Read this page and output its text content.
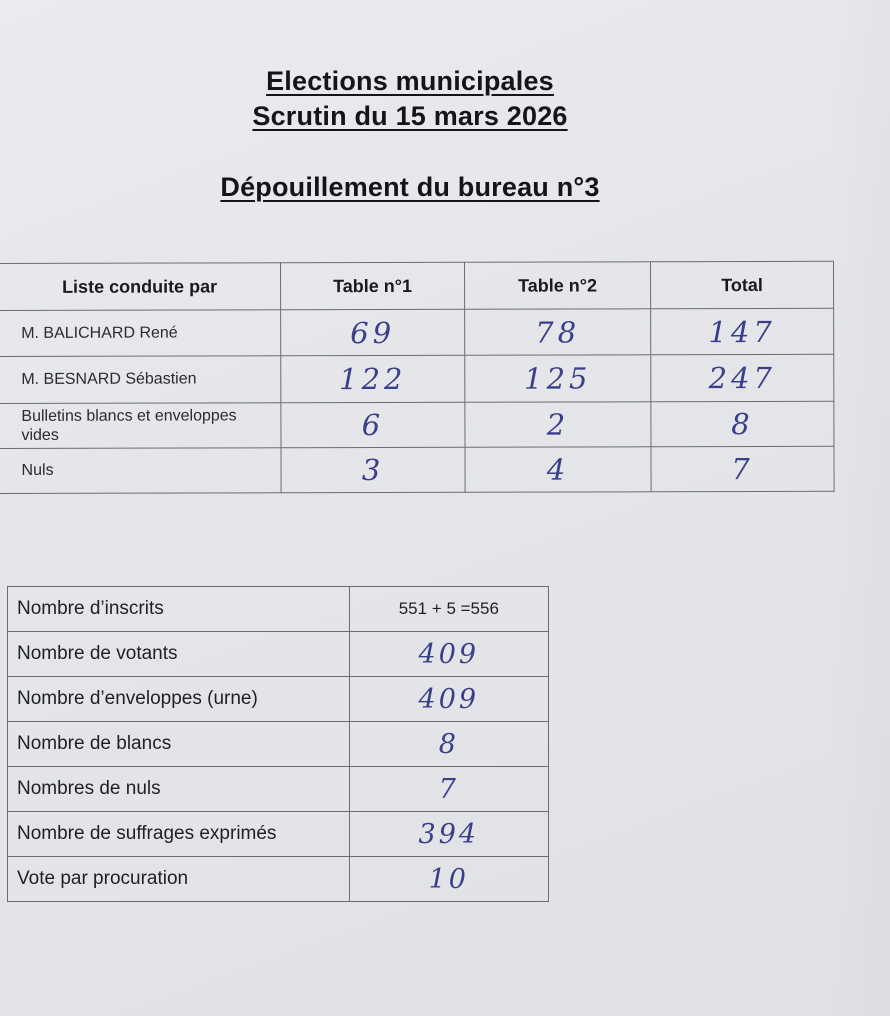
Elections municipales
Scrutin du 15 mars 2026
Dépouillement du bureau n°3
Liste conduite par	Table n°1	Table n°2	Total
M. BALICHARD René	69	78	147
M. BESNARD Sébastien	122	125	247
Bulletins blancs et enveloppes vides	6	2	8
Nuls	3	4	7
Nombre d’inscrits	551 + 5 =556
Nombre de votants	409
Nombre d’enveloppes (urne)	409
Nombre de blancs	8
Nombres de nuls	7
Nombre de suffrages exprimés	394
Vote par procuration	10
